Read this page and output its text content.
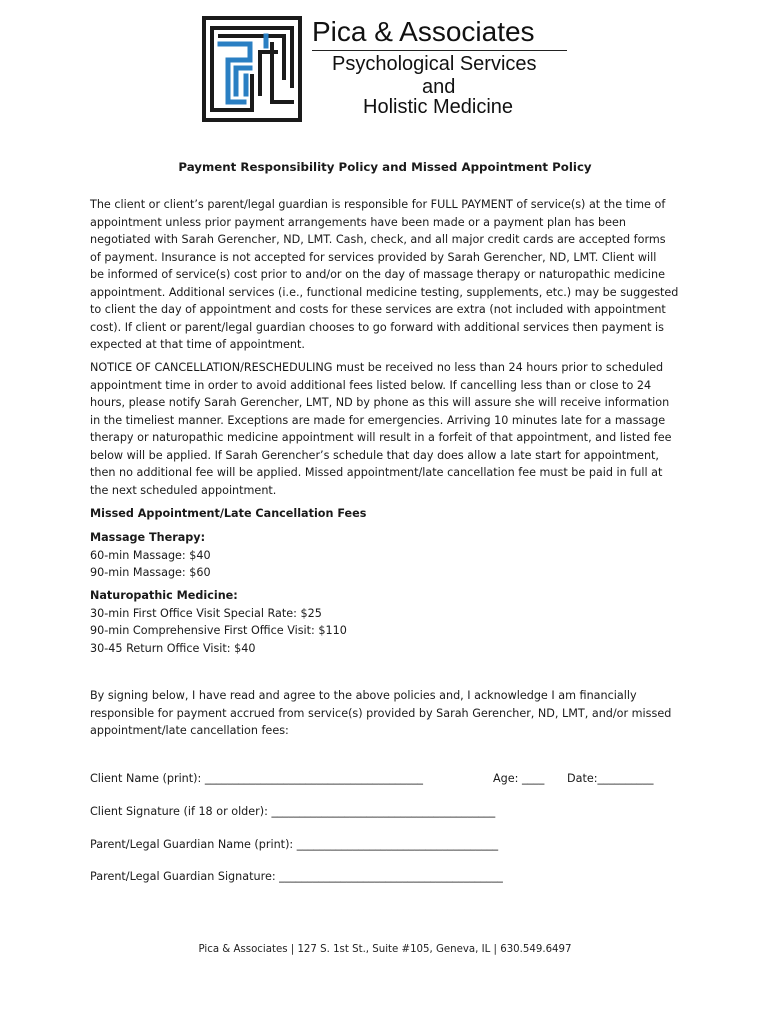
Pica & Associates
Psychological Services
and
Holistic Medicine
Payment Responsibility Policy and Missed Appointment Policy
The client or client’s parent/legal guardian is responsible for FULL PAYMENT of service(s) at the time of
appointment unless prior payment arrangements have been made or a payment plan has been
negotiated with Sarah Gerencher, ND, LMT. Cash, check, and all major credit cards are accepted forms
of payment. Insurance is not accepted for services provided by Sarah Gerencher, ND, LMT. Client will
be informed of service(s) cost prior to and/or on the day of massage therapy or naturopathic medicine
appointment. Additional services (i.e., functional medicine testing, supplements, etc.) may be suggested
to client the day of appointment and costs for these services are extra (not included with appointment
cost). If client or parent/legal guardian chooses to go forward with additional services then payment is
expected at that time of appointment.
NOTICE OF CANCELLATION/RESCHEDULING must be received no less than 24 hours prior to scheduled
appointment time in order to avoid additional fees listed below. If cancelling less than or close to 24
hours, please notify Sarah Gerencher, LMT, ND by phone as this will assure she will receive information
in the timeliest manner. Exceptions are made for emergencies. Arriving 10 minutes late for a massage
therapy or naturopathic medicine appointment will result in a forfeit of that appointment, and listed fee
below will be applied. If Sarah Gerencher’s schedule that day does allow a late start for appointment,
then no additional fee will be applied. Missed appointment/late cancellation fee must be paid in full at
the next scheduled appointment.
Missed Appointment/Late Cancellation Fees
Massage Therapy:
60-min Massage: $40
90-min Massage: $60
Naturopathic Medicine:
30-min First Office Visit Special Rate: $25
90-min Comprehensive First Office Visit: $110
30-45 Return Office Visit: $40
By signing below, I have read and agree to the above policies and, I acknowledge I am financially
responsible for payment accrued from service(s) provided by Sarah Gerencher, ND, LMT, and/or missed
appointment/late cancellation fees:
Client Name (print): _______________________________________	Age: ____ Date:__________
Client Signature (if 18 or older): ________________________________________
Parent/Legal Guardian Name (print): ____________________________________
Parent/Legal Guardian Signature: ________________________________________
Pica & Associates | 127 S. 1st St., Suite #105, Geneva, IL | 630.549.6497
